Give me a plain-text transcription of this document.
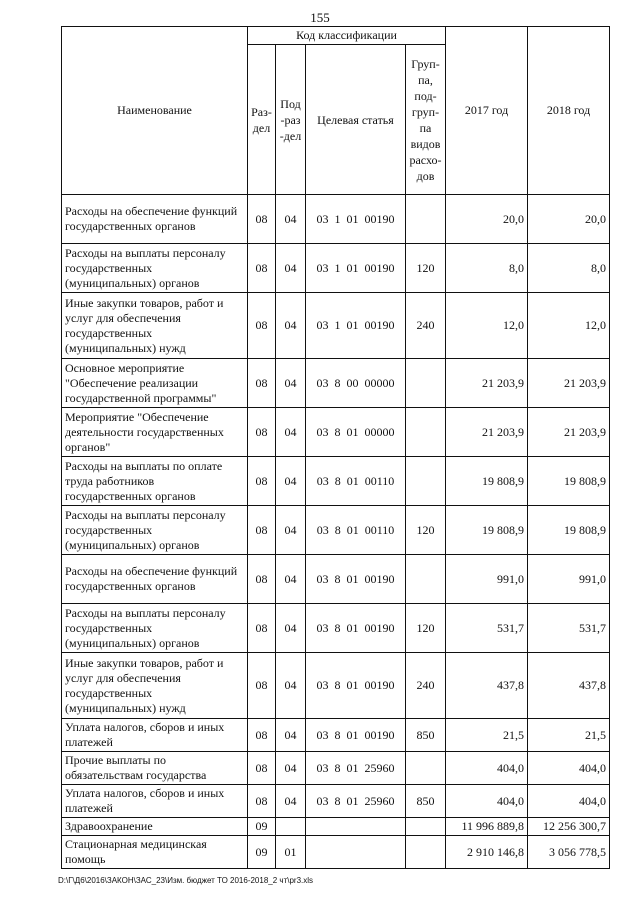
155
Наименование	Код классификации				2017 год	2018 год
	Раз-дел	Под-раз-дел	Целевая статья	Груп-па, под-груп-па видов расхо-дов		
Расходы на обеспечение функций государственных органов	08	04	03  1  01  00190		20,0	20,0
Расходы на выплаты персоналу государственных (муниципальных) органов	08	04	03  1  01  00190	120	8,0	8,0
Иные закупки товаров, работ и услуг для обеспечения государственных (муниципальных) нужд	08	04	03  1  01  00190	240	12,0	12,0
Основное мероприятие "Обеспечение реализации государственной программы"	08	04	03  8  00  00000		21 203,9	21 203,9
Мероприятие "Обеспечение деятельности государственных органов"	08	04	03  8  01  00000		21 203,9	21 203,9
Расходы на выплаты по оплате труда работников государственных органов	08	04	03  8  01  00110		19 808,9	19 808,9
Расходы на выплаты персоналу государственных (муниципальных) органов	08	04	03  8  01  00110	120	19 808,9	19 808,9
Расходы на обеспечение функций государственных органов	08	04	03  8  01  00190		991,0	991,0
Расходы на выплаты персоналу государственных (муниципальных) органов	08	04	03  8  01  00190	120	531,7	531,7
Иные закупки товаров, работ и услуг для обеспечения государственных (муниципальных) нужд	08	04	03  8  01  00190	240	437,8	437,8
Уплата налогов, сборов и иных платежей	08	04	03  8  01  00190	850	21,5	21,5
Прочие выплаты по обязательствам государства	08	04	03  8  01  25960		404,0	404,0
Уплата налогов, сборов и иных платежей	08	04	03  8  01  25960	850	404,0	404,0
Здравоохранение	09				11 996 889,8	12 256 300,7
Стационарная медицинская помощь	09	01			2 910 146,8	3 056 778,5
D:\Г\Д6\2016\ЗАКОН\ЗАС_23\Изм. бюджет ТО 2016-2018_2 чт\pr3.xls
